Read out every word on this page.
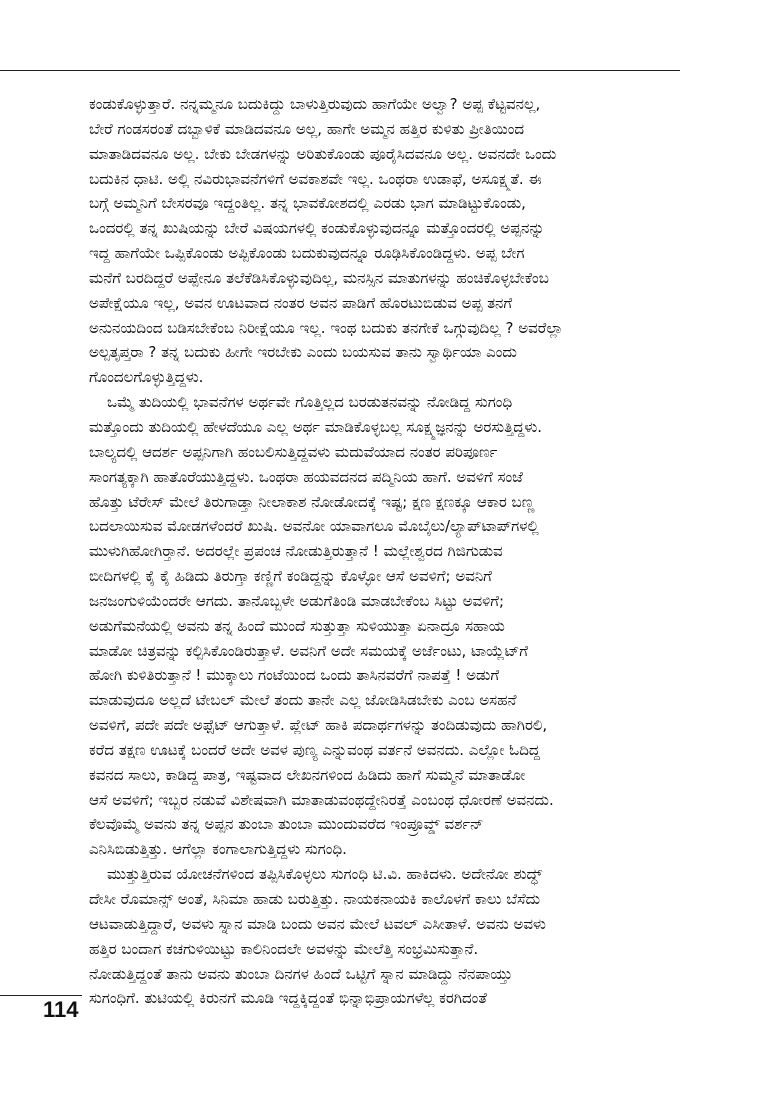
ಕಂಡುಕೊಳ್ಳುತ್ತಾರೆ. ನನ್ನಮ್ಮನೂ ಬದುಕಿದ್ದು ಬಾಳುತ್ತಿರುವುದು ಹಾಗೆಯೇ ಅಲ್ವಾ? ಅಪ್ಪ ಕೆಟ್ಟವನಲ್ಲ,
ಬೇರೆ ಗಂಡಸರಂತೆ ದಬ್ಬಾಳಿಕೆ ಮಾಡಿದವನೂ ಅಲ್ಲ, ಹಾಗೇ ಅಮ್ಮನ ಹತ್ತಿರ ಕುಳಿತು ಪ್ರೀತಿಯಿಂದ
ಮಾತಾಡಿದವನೂ ಅಲ್ಲ. ಬೇಕು ಬೇಡಗಳನ್ನು ಅರಿತುಕೊಂಡು ಪೂರೈಸಿದವನೂ ಅಲ್ಲ. ಅವನದೇ ಒಂದು
ಬದುಕಿನ ಧಾಟಿ. ಅಲ್ಲಿ ನವಿರುಭಾವನೆಗಳಿಗೆ ಅವಕಾಶವೇ ಇಲ್ಲ. ಒಂಥರಾ ಉಡಾಫೆ, ಅಸೂಕ್ಷ್ಮತೆ. ಈ
ಬಗ್ಗೆ ಅಮ್ಮನಿಗೆ ಬೇಸರವೂ ಇದ್ದಂತಿಲ್ಲ. ತನ್ನ ಭಾವಕೋಶದಲ್ಲಿ ಎರಡು ಭಾಗ ಮಾಡಿಟ್ಟುಕೊಂಡು,
ಒಂದರಲ್ಲಿ ತನ್ನ ಖುಷಿಯನ್ನು ಬೇರೆ ವಿಷಯಗಳಲ್ಲಿ ಕಂಡುಕೊಳ್ಳುವುದನ್ನೂ ಮತ್ತೊಂದರಲ್ಲಿ ಅಪ್ಪನನ್ನು
ಇದ್ದ ಹಾಗೆಯೇ ಒಪ್ಪಿಕೊಂಡು ಅಪ್ಪಿಕೊಂಡು ಬದುಕುವುದನ್ನೂ ರೂಢಿಸಿಕೊಂಡಿದ್ದಳು. ಅಪ್ಪ ಬೇಗ
ಮನೆಗೆ ಬರದಿದ್ದರೆ ಅಪ್ಪೇನೂ ತಲೆಕೆಡಿಸಿಕೊಳ್ಳುವುದಿಲ್ಲ, ಮನಸ್ಸಿನ ಮಾತುಗಳನ್ನು ಹಂಚಿಕೊಳ್ಳಬೇಕೆಂಬ
ಅಪೇಕ್ಷೆಯೂ ಇಲ್ಲ, ಅವನ ಊಟವಾದ ನಂತರ ಅವನ ಪಾಡಿಗೆ ಹೊರಟುಬಿಡುವ ಅಪ್ಪ ತನಗೆ
ಅನುನಯದಿಂದ ಬಡಿಸಬೇಕೆಂಬ ನಿರೀಕ್ಷೆಯೂ ಇಲ್ಲ. ಇಂಥ ಬದುಕು ತನಗೇಕೆ ಒಗ್ಗುವುದಿಲ್ಲ ? ಅವರೆಲ್ಲಾ
ಅಲ್ಪತೃಪ್ತರಾ ? ತನ್ನ ಬದುಕು ಹೀಗೇ ಇರಬೇಕು ಎಂದು ಬಯಸುವ ತಾನು ಸ್ವಾರ್ಥಿಯಾ ಎಂದು
ಗೊಂದಲಗೊಳ್ಳುತ್ತಿದ್ದಳು.
ಒಮ್ಮೆ ತುದಿಯಲ್ಲಿ ಭಾವನೆಗಳ ಅರ್ಥವೇ ಗೊತ್ತಿಲ್ಲದ ಬರಡುತನವನ್ನು ನೋಡಿದ್ದ ಸುಗಂಧಿ
ಮತ್ತೊಂದು ತುದಿಯಲ್ಲಿ ಹೇಳದೆಯೂ ಎಲ್ಲ ಅರ್ಥ ಮಾಡಿಕೊಳ್ಳಬಲ್ಲ ಸೂಕ್ಷ್ಮಜ್ಞನನ್ನು ಅರಸುತ್ತಿದ್ದಳು.
ಬಾಲ್ಯದಲ್ಲಿ ಆದರ್ಶ ಅಪ್ಪನಿಗಾಗಿ ಹಂಬಲಿಸುತ್ತಿದ್ದವಳು ಮದುವೆಯಾದ ನಂತರ ಪರಿಪೂರ್ಣ
ಸಾಂಗತ್ಯಕ್ಕಾಗಿ ಹಾತೊರೆಯುತ್ತಿದ್ದಳು. ಒಂಥರಾ ಹಯವದನದ ಪದ್ಮಿನಿಯ ಹಾಗೆ. ಅವಳಿಗೆ ಸಂಜೆ
ಹೊತ್ತು ಟೆರೇಸ್ ಮೇಲೆ ತಿರುಗಾಡ್ತಾ ನೀಲಾಕಾಶ ನೋಡೋದಕ್ಕೆ ಇಷ್ಟ; ಕ್ಷಣ ಕ್ಷಣಕ್ಕೂ ಆಕಾರ ಬಣ್ಣ
ಬದಲಾಯಿಸುವ ಮೋಡಗಳೆಂದರೆ ಖುಷಿ. ಅವನೋ ಯಾವಾಗಲೂ ಮೊಬೈಲು/ಲ್ಯಾಪ್‌ಟಾಪ್‌ಗಳಲ್ಲಿ
ಮುಳುಗಿಹೋಗಿರ್‍ತಾನೆ. ಅದರಲ್ಲೇ ಪ್ರಪಂಚ ನೋಡುತ್ತಿರುತ್ತಾನೆ ! ಮಲ್ಲೇಶ್ವರದ ಗಿಜಿಗುಡುವ
ಬೀದಿಗಳಲ್ಲಿ ಕೈ ಕೈ ಹಿಡಿದು ತಿರುಗ್ತಾ ಕಣ್ಣಿಗೆ ಕಂಡಿದ್ದನ್ನು ಕೊಳ್ಳೋ ಆಸೆ ಅವಳಿಗೆ; ಅವನಿಗೆ
ಜನಜಂಗುಳಿಯೆಂದರೇ ಆಗದು. ತಾನೊಬ್ಬಳೇ ಅಡುಗೆತಿಂಡಿ ಮಾಡಬೇಕೆಂಬ ಸಿಟ್ಟು ಅವಳಿಗೆ;
ಅಡುಗೆಮನೆಯಲ್ಲಿ ಅವನು ತನ್ನ ಹಿಂದೆ ಮುಂದೆ ಸುತ್ತುತ್ತಾ ಸುಳಿಯುತ್ತಾ ಏನಾದ್ರೂ ಸಹಾಯ
ಮಾಡೋ ಚಿತ್ರವನ್ನು ಕಲ್ಪಿಸಿಕೊಂಡಿರುತ್ತಾಳೆ. ಅವನಿಗೆ ಅದೇ ಸಮಯಕ್ಕೆ ಅರ್ಜೆಂಟು, ಟಾಯ್ಲೆಟ್‌ಗೆ
ಹೋಗಿ ಕುಳಿತಿರುತ್ತಾನೆ ! ಮುಕ್ಕಾಲು ಗಂಟೆಯಿಂದ ಒಂದು ತಾಸಿನವರೆಗೆ ನಾಪತ್ತೆ ! ಅಡುಗೆ
ಮಾಡುವುದೂ ಅಲ್ಲದೆ ಟೇಬಲ್ ಮೇಲೆ ತಂದು ತಾನೇ ಎಲ್ಲ ಜೋಡಿಸಿಡಬೇಕು ಎಂಬ ಅಸಹನೆ
ಅವಳಿಗೆ, ಪದೇ ಪದೇ ಅಫ್ಸೆಟ್ ಆಗುತ್ತಾಳೆ. ಪ್ಲೇಟ್ ಹಾಕಿ ಪದಾರ್ಥಗಳನ್ನು ತಂದಿಡುವುದು ಹಾಗಿರಲಿ,
ಕರೆದ ತಕ್ಷಣ ಊಟಕ್ಕೆ ಬಂದರೆ ಅದೇ ಅವಳ ಪುಣ್ಯ ಎನ್ನುವಂಥ ವರ್ತನೆ ಅವನದು. ಎಲ್ಲೋ ಓದಿದ್ದ
ಕವನದ ಸಾಲು, ಕಾಡಿದ್ದ ಪಾತ್ರ, ಇಷ್ಟವಾದ ಲೇಖನಗಳಿಂದ ಹಿಡಿದು ಹಾಗೆ ಸುಮ್ಮನೆ ಮಾತಾಡೋ
ಆಸೆ ಅವಳಿಗೆ; ಇಬ್ಬರ ನಡುವೆ ವಿಶೇಷವಾಗಿ ಮಾತಾಡುವಂಥದ್ದೇನಿರತ್ತೆ ಎಂಬಂಥ ಧೋರಣೆ ಅವನದು.
ಕೆಲವೊಮ್ಮೆ ಅವನು ತನ್ನ ಅಪ್ಪನ ತುಂಬಾ ತುಂಬಾ ಮುಂದುವರೆದ ಇಂಪ್ರೂವ್ಡ್ ವರ್ಶನ್
ಎನಿಸಿಬಿಡುತ್ತಿತ್ತು. ಆಗೆಲ್ಲಾ ಕಂಗಾಲಾಗುತ್ತಿದ್ದಳು ಸುಗಂಧಿ.
ಮುತ್ತುತ್ತಿರುವ ಯೋಚನೆಗಳಿಂದ ತಪ್ಪಿಸಿಕೊಳ್ಳಲು ಸುಗಂಧಿ ಟಿ.ವಿ. ಹಾಕಿದಳು. ಅದೇನೋ ಶುದ್ಧ್
ದೇಸೀ ರೊಮಾನ್ಸ್ ಅಂತೆ, ಸಿನಿಮಾ ಹಾಡು ಬರುತ್ತಿತ್ತು. ನಾಯಕನಾಯಕಿ ಕಾಲೊಳಗೆ ಕಾಲು ಬೆಸೆದು
ಆಟವಾಡುತ್ತಿದ್ದಾರೆ, ಅವಳು ಸ್ನಾನ ಮಾಡಿ ಬಂದು ಅವನ ಮೇಲೆ ಟವಲ್ ಎಸೀತಾಳೆ. ಅವನು ಅವಳು
ಹತ್ತಿರ ಬಂದಾಗ ಕಚಗುಳಿಯಿಟ್ಟು ಕಾಲಿನಿಂದಲೇ ಅವಳನ್ನು ಮೇಲೆತ್ತಿ ಸಂಭ್ರಮಿಸುತ್ತಾನೆ.
ನೋಡುತ್ತಿದ್ದಂತೆ ತಾನು ಅವನು ತುಂಬಾ ದಿನಗಳ ಹಿಂದೆ ಒಟ್ಟಿಗೆ ಸ್ನಾನ ಮಾಡಿದ್ದು ನೆನಪಾಯ್ತು
ಸುಗಂಧಿಗೆ. ತುಟಿಯಲ್ಲಿ ಕಿರುನಗೆ ಮೂಡಿ ಇದ್ದಕ್ಕಿದ್ದಂತೆ ಭಿನ್ನಾಭಿಪ್ರಾಯಗಳೆಲ್ಲ ಕರಗಿದಂತೆ
114
